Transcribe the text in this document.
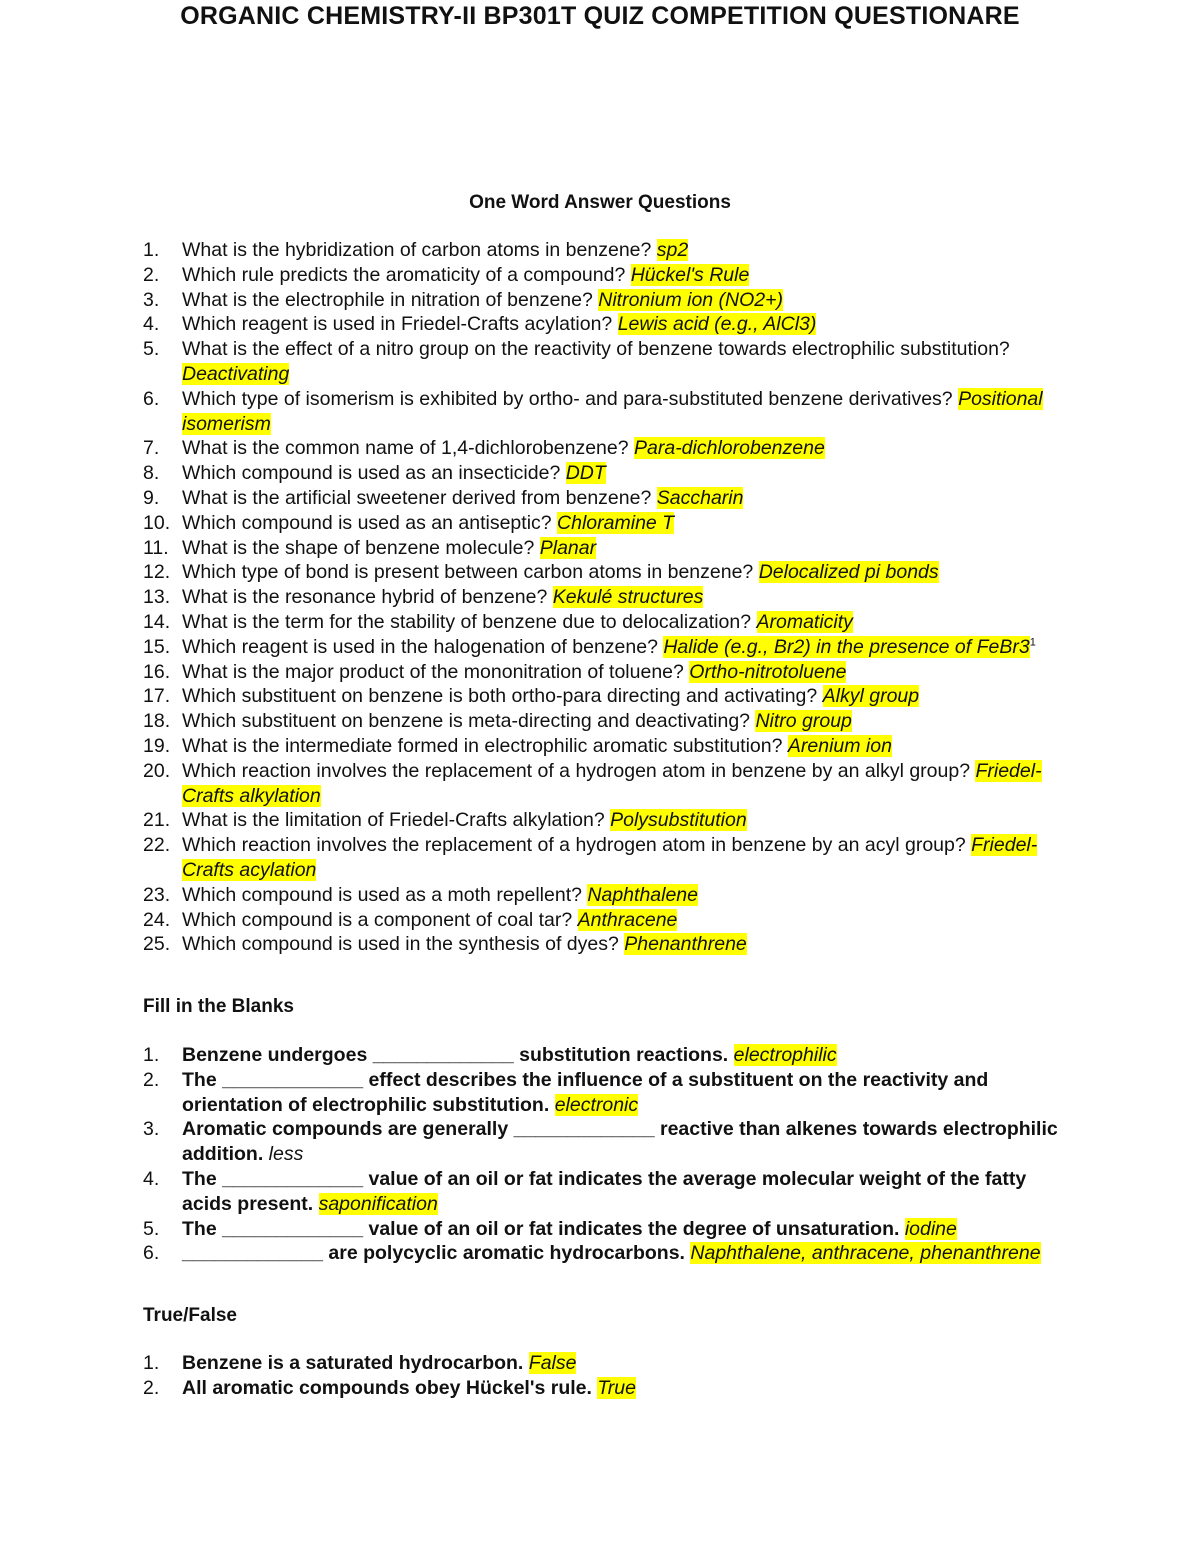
ORGANIC CHEMISTRY-II BP301T QUIZ COMPETITION QUESTIONARE
One Word Answer Questions
1.	What is the hybridization of carbon atoms in benzene? sp2
2.	Which rule predicts the aromaticity of a compound? Hückel's Rule
3.	What is the electrophile in nitration of benzene? Nitronium ion (NO2+)
4.	Which reagent is used in Friedel-Crafts acylation? Lewis acid (e.g., AlCl3)
5.	What is the effect of a nitro group on the reactivity of benzene towards electrophilic substitution? Deactivating
6.	Which type of isomerism is exhibited by ortho- and para-substituted benzene derivatives? Positional isomerism
7.	What is the common name of 1,4-dichlorobenzene? Para-dichlorobenzene
8.	Which compound is used as an insecticide? DDT
9.	What is the artificial sweetener derived from benzene? Saccharin
10. Which compound is used as an antiseptic? Chloramine T
11. What is the shape of benzene molecule? Planar
12. Which type of bond is present between carbon atoms in benzene? Delocalized pi bonds
13. What is the resonance hybrid of benzene? Kekulé structures
14. What is the term for the stability of benzene due to delocalization? Aromaticity
15. Which reagent is used in the halogenation of benzene? Halide (e.g., Br2) in the presence of $FeBr3^1$
16. What is the major product of the mononitration of toluene? Ortho-nitrotoluene
17. Which substituent on benzene is both ortho-para directing and activating? Alkyl group
18. Which substituent on benzene is meta-directing and deactivating? Nitro group
19. What is the intermediate formed in electrophilic aromatic substitution? Arenium ion
20. Which reaction involves the replacement of a hydrogen atom in benzene by an alkyl group? Friedel-Crafts alkylation
21. What is the limitation of Friedel-Crafts alkylation? Polysubstitution
22. Which reaction involves the replacement of a hydrogen atom in benzene by an acyl group? Friedel-Crafts acylation
23. Which compound is used as a moth repellent? Naphthalene
24. Which compound is a component of coal tar? Anthracene
25. Which compound is used in the synthesis of dyes? Phenanthrene
Fill in the Blanks
1.	Benzene undergoes _____________ substitution reactions. electrophilic
2.	The _____________ effect describes the influence of a substituent on the reactivity and orientation of electrophilic substitution. electronic
3.	Aromatic compounds are generally _____________ reactive than alkenes towards electrophilic addition. less
4.	The _____________ value of an oil or fat indicates the average molecular weight of the fatty acids present. saponification
5.	The _____________ value of an oil or fat indicates the degree of unsaturation. iodine
6.	_____________ are polycyclic aromatic hydrocarbons. Naphthalene, anthracene, phenanthrene
True/False
1.	Benzene is a saturated hydrocarbon. False
2.	All aromatic compounds obey Hückel's rule. True
